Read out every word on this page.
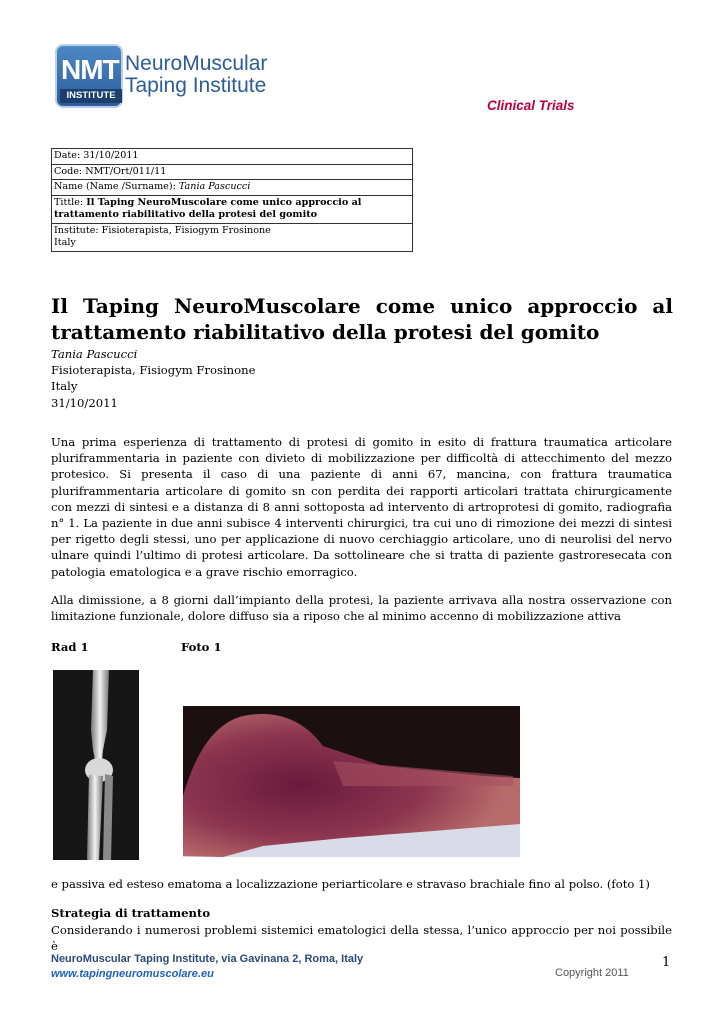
NMT
INSTITUTE
NeuroMuscular
Taping Institute
Clinical Trials
Date: 31/10/2011
Code: NMT/Ort/011/11
Name (Name /Surname): Tania Pascucci
Tittle: Il Taping NeuroMuscolare come unico approccio al trattamento riabilitativo della protesi del gomito
Institute: Fisioterapista, Fisiogym Frosinone
Italy
Il Taping NeuroMuscolare come unico approccio al
trattamento riabilitativo della protesi del gomito
Tania Pascucci
Fisioterapista, Fisiogym Frosinone
Italy
31/10/2011

Una prima esperienza di trattamento di protesi di gomito in esito di frattura traumatica articolare pluriframmentaria in paziente con divieto di mobilizzazione per difficoltà di attecchimento del mezzo protesico. Si presenta il caso di una paziente di anni 67, mancina, con frattura traumatica pluriframmentaria articolare di gomito sn con perdita dei rapporti articolari trattata chirurgicamente con mezzi di sintesi e a distanza di 8 anni sottoposta ad intervento di artroprotesi di gomito, radiografia n° 1. La paziente in due anni subisce 4 interventi chirurgici, tra cui uno di rimozione dei mezzi di sintesi per rigetto degli stessi, uno per applicazione di nuovo cerchiaggio articolare, uno di neurolisi del nervo ulnare quindi l’ultimo di protesi articolare. Da sottolineare che si tratta di paziente gastroresecata con patologia ematologica e a grave rischio emorragico.

Alla dimissione, a 8 giorni dall’impianto della protesi, la paziente arrivava alla nostra osservazione con limitazione funzionale, dolore diffuso sia a riposo che al minimo accenno di mobilizzazione attiva

Rad 1	Foto 1

e passiva ed esteso ematoma a localizzazione periarticolare e stravaso brachiale fino al polso. (foto 1)

Strategia di trattamento

Considerando i numerosi problemi sistemici ematologici della stessa, l’unico approccio per noi possibile è

NeuroMuscular Taping Institute, via Gavinana 2, Roma, Italy
www.tapingneuromuscolare.eu
1
Copyright 2011
